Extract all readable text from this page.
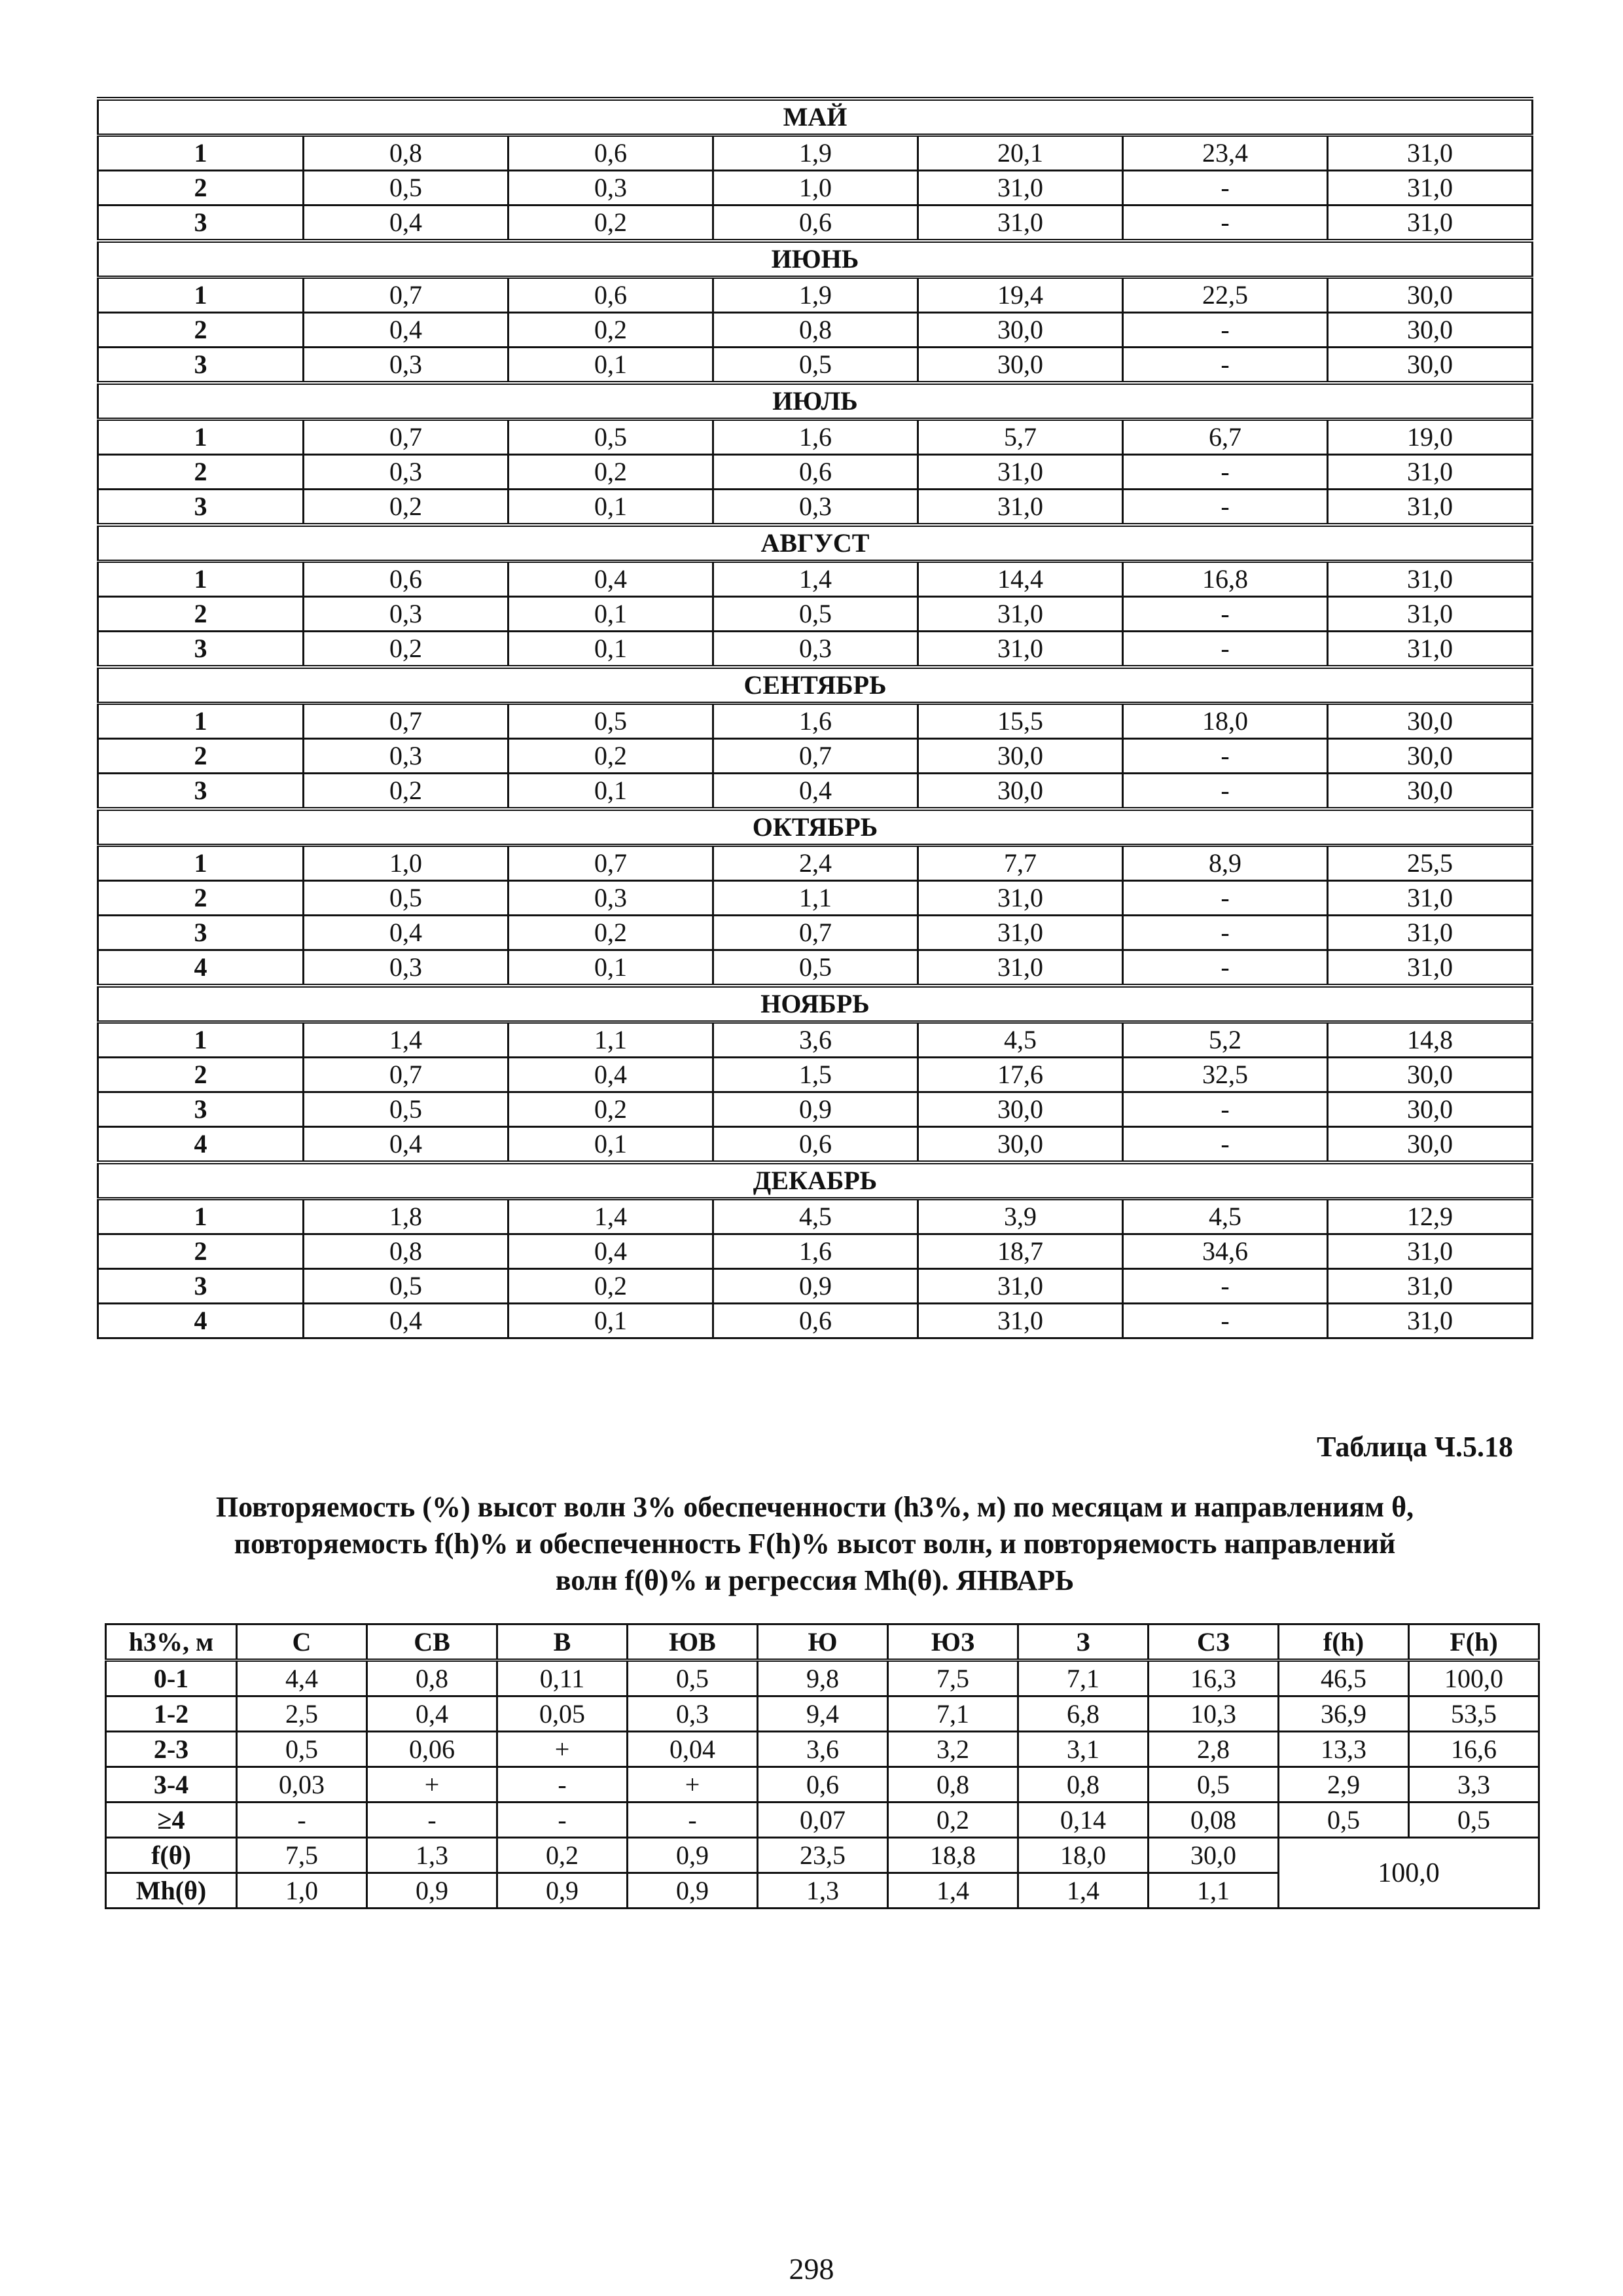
МАЙ						
1	0,8	0,6	1,9	20,1	23,4	31,0
2	0,5	0,3	1,0	31,0	-	31,0
3	0,4	0,2	0,6	31,0	-	31,0
ИЮНЬ						
1	0,7	0,6	1,9	19,4	22,5	30,0
2	0,4	0,2	0,8	30,0	-	30,0
3	0,3	0,1	0,5	30,0	-	30,0
ИЮЛЬ						
1	0,7	0,5	1,6	5,7	6,7	19,0
2	0,3	0,2	0,6	31,0	-	31,0
3	0,2	0,1	0,3	31,0	-	31,0
АВГУСТ						
1	0,6	0,4	1,4	14,4	16,8	31,0
2	0,3	0,1	0,5	31,0	-	31,0
3	0,2	0,1	0,3	31,0	-	31,0
СЕНТЯБРЬ						
1	0,7	0,5	1,6	15,5	18,0	30,0
2	0,3	0,2	0,7	30,0	-	30,0
3	0,2	0,1	0,4	30,0	-	30,0
ОКТЯБРЬ						
1	1,0	0,7	2,4	7,7	8,9	25,5
2	0,5	0,3	1,1	31,0	-	31,0
3	0,4	0,2	0,7	31,0	-	31,0
4	0,3	0,1	0,5	31,0	-	31,0
НОЯБРЬ						
1	1,4	1,1	3,6	4,5	5,2	14,8
2	0,7	0,4	1,5	17,6	32,5	30,0
3	0,5	0,2	0,9	30,0	-	30,0
4	0,4	0,1	0,6	30,0	-	30,0
ДЕКАБРЬ						
1	1,8	1,4	4,5	3,9	4,5	12,9
2	0,8	0,4	1,6	18,7	34,6	31,0
3	0,5	0,2	0,9	31,0	-	31,0
4	0,4	0,1	0,6	31,0	-	31,0
Таблица Ч.5.18
Повторяемость (%) высот волн 3% обеспеченности (h3%, м) по месяцам и направлениям θ,
повторяемость f(h)% и обеспеченность F(h)% высот волн, и повторяемость направлений
волн f(θ)% и регрессия Mh(θ). ЯНВАРЬ
h3%, м	С	СВ	В	ЮВ	Ю	ЮЗ	З	СЗ	f(h)	F(h)
0-1	4,4	0,8	0,11	0,5	9,8	7,5	7,1	16,3	46,5	100,0
1-2	2,5	0,4	0,05	0,3	9,4	7,1	6,8	10,3	36,9	53,5
2-3	0,5	0,06	+	0,04	3,6	3,2	3,1	2,8	13,3	16,6
3-4	0,03	+	-	+	0,6	0,8	0,8	0,5	2,9	3,3
≥4	-	-	-	-	0,07	0,2	0,14	0,08	0,5	0,5
f(θ)	7,5	1,3	0,2	0,9	23,5	18,8	18,0	30,0	100,0	
Mh(θ)	1,0	0,9	0,9	0,9	1,3	1,4	1,4	1,1		
298
